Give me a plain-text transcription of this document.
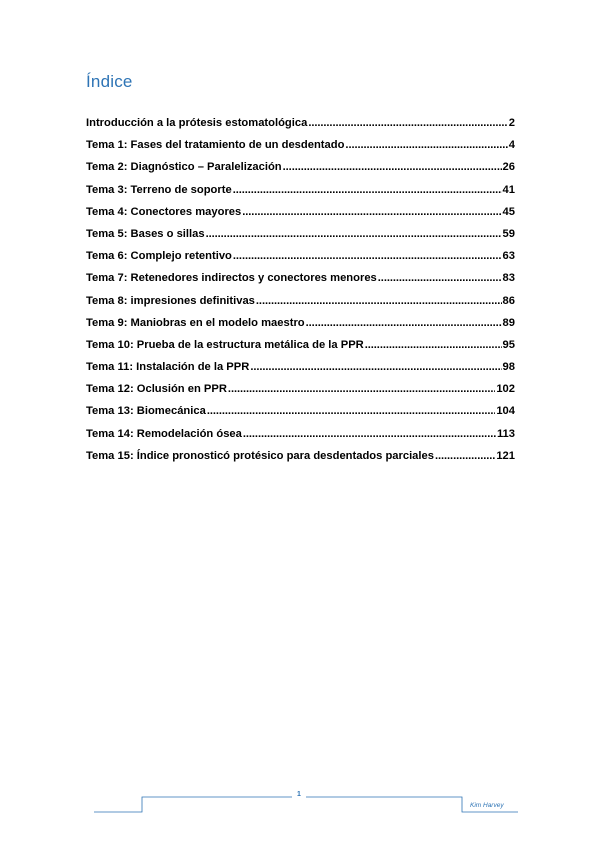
Índice
Introducción a la prótesis estomatológica . . .	2
Tema 1: Fases del tratamiento de un desdentado . . .	4
Tema 2: Diagnóstico – Paralelización . . .	26
Tema 3: Terreno de soporte . . .	41
Tema 4: Conectores mayores . . .	45
Tema 5: Bases o sillas . . .	59
Tema 6: Complejo retentivo . . .	63
Tema 7: Retenedores indirectos y conectores menores . . .	83
Tema 8: impresiones definitivas . . .	86
Tema 9: Maniobras en el modelo maestro . . .	89
Tema 10: Prueba de la estructura metálica de la PPR . . .	95
Tema 11: Instalación de la PPR . . .	98
Tema 12: Oclusión en PPR . . .	102
Tema 13: Biomecánica . . .	104
Tema 14: Remodelación ósea . . .	113
Tema 15: Índice pronosticó protésico para desdentados parciales . . .	121
1
Kim Harvey
